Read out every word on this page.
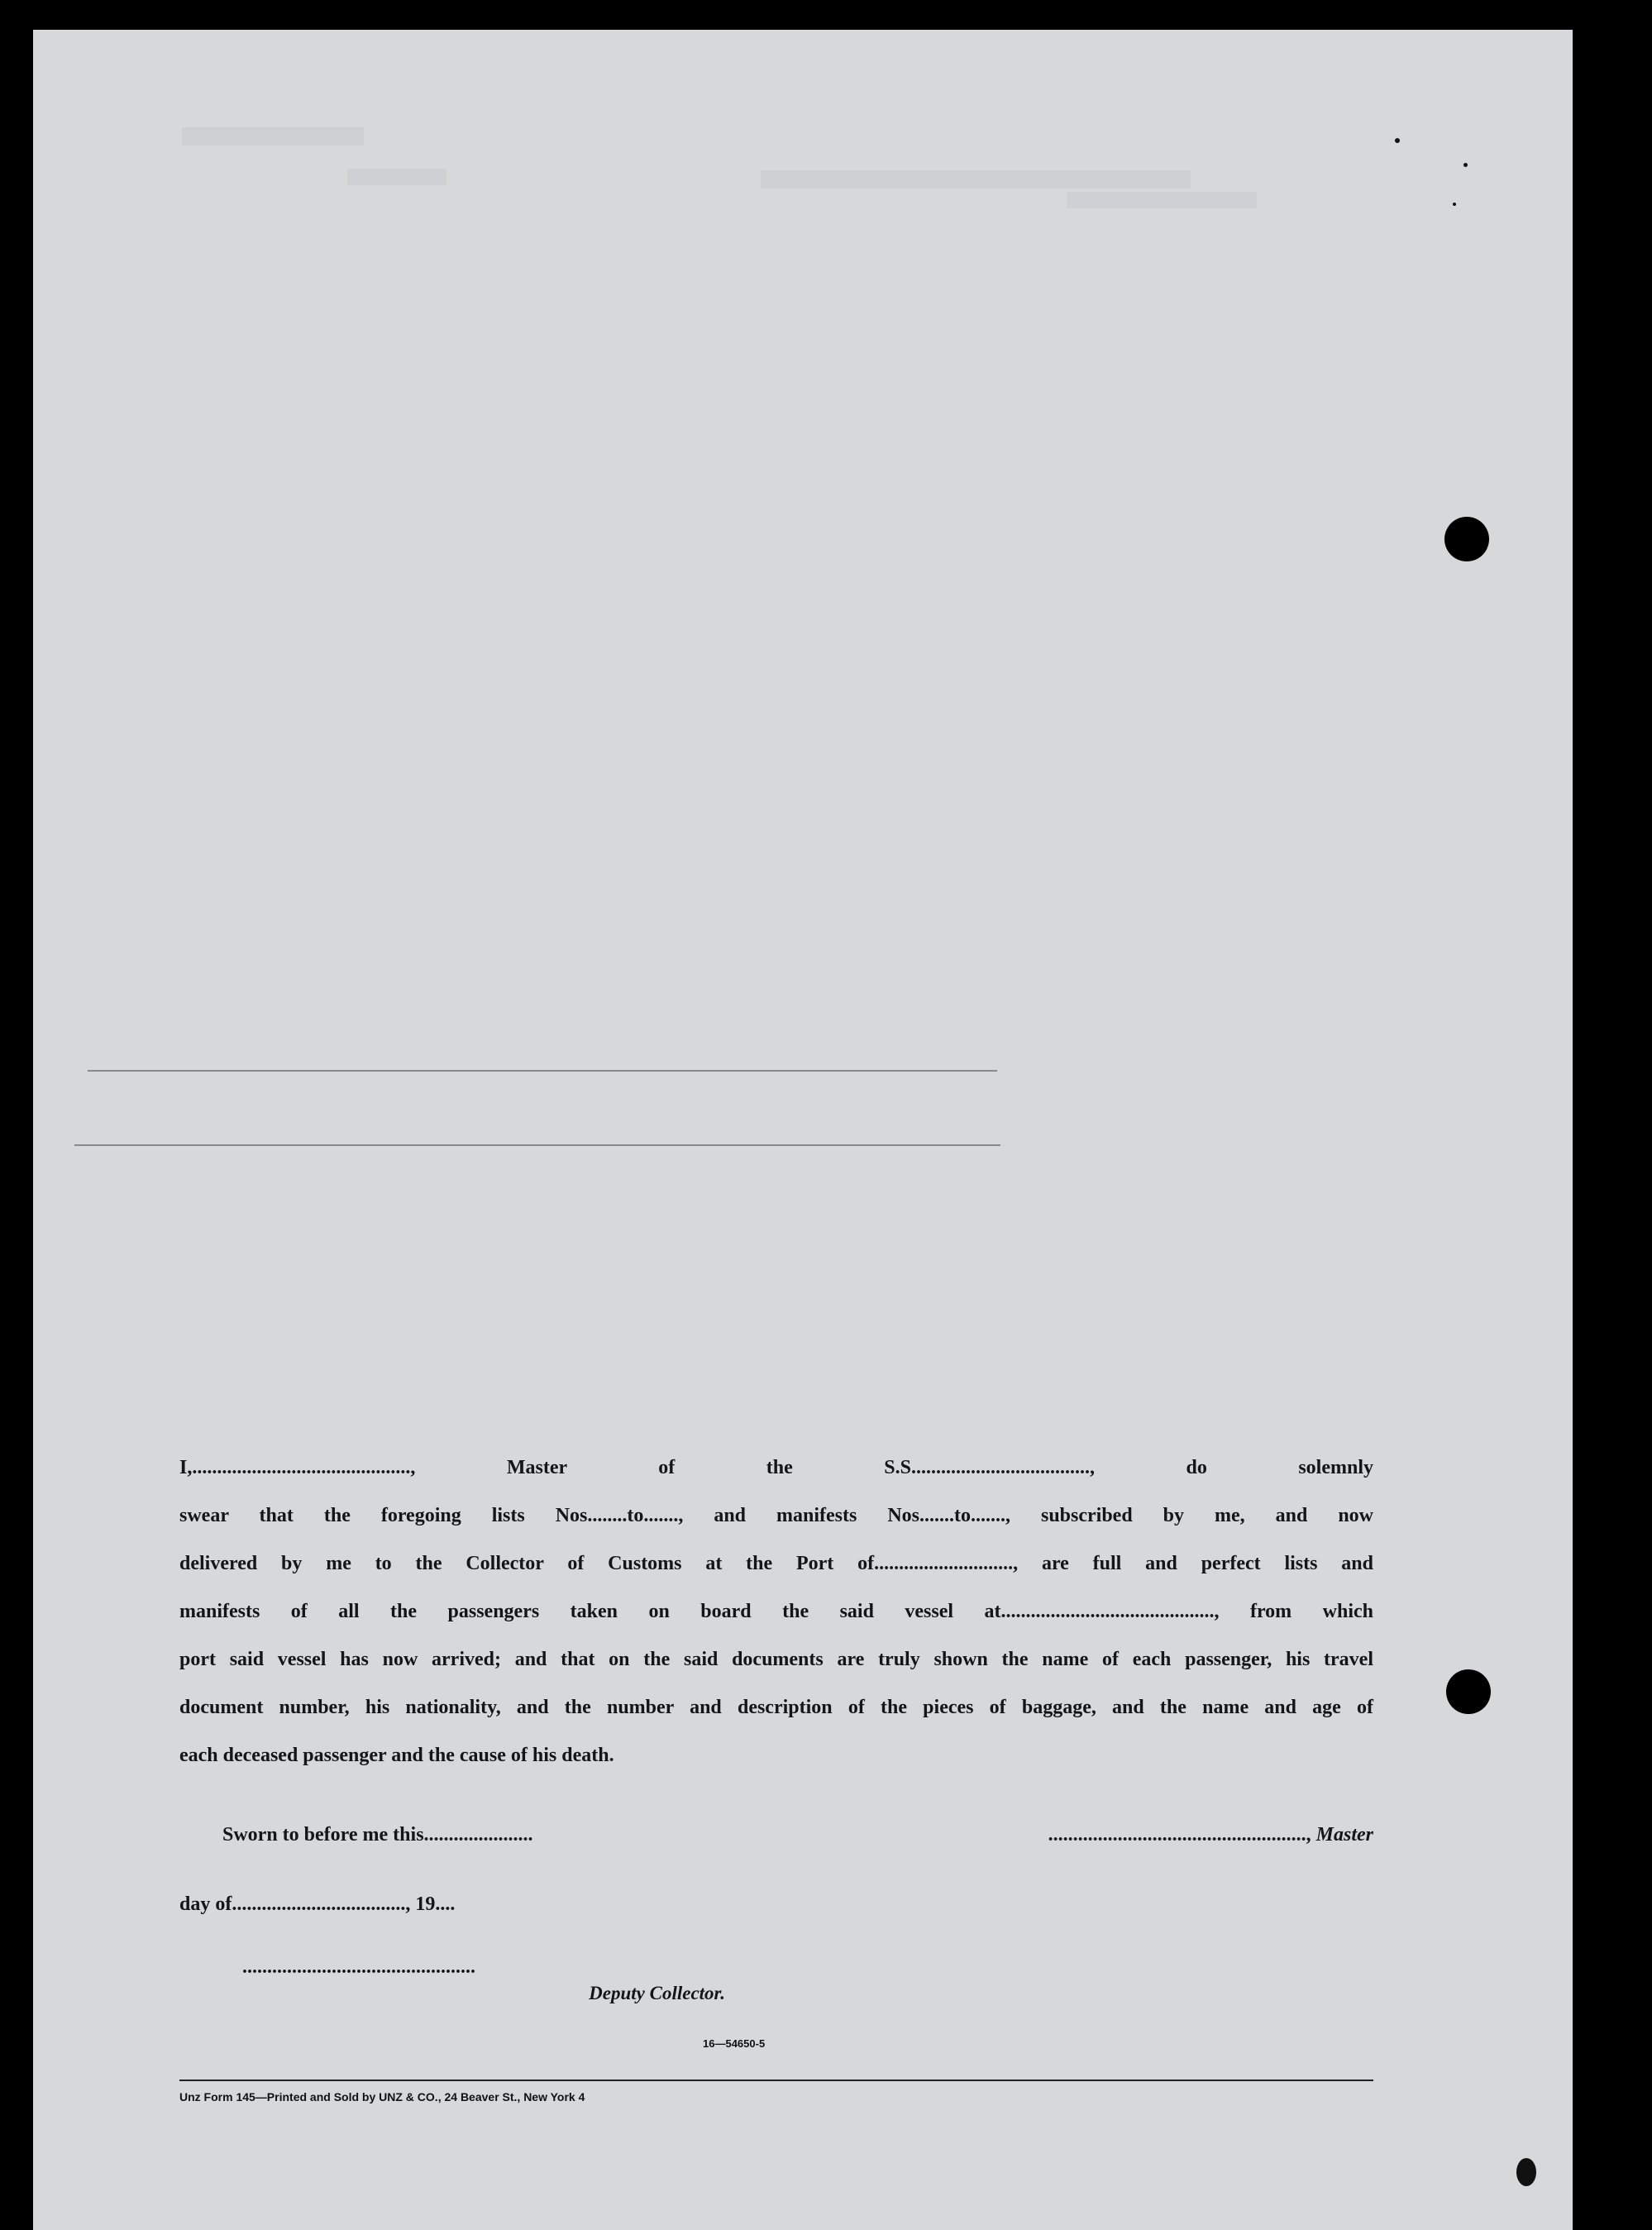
I,............................................, Master of the S.S...................................., do solemnly
swear that the foregoing lists Nos........to......., and manifests Nos.......to......., subscribed by me, and now
delivered by me to the Collector of Customs at the Port of............................, are full and perfect lists and
manifests of all the passengers taken on board the said vessel at..........................................., from which
port said vessel has now arrived; and that on the said documents are truly shown the name of each passenger, his travel
document number, his nationality, and the number and description of the pieces of baggage, and the name and age of
each deceased passenger and the cause of his death.
Sworn to before me this......................	...................................................., Master
day of..................................., 19....
...............................................
Deputy Collector.
16—54650-5
Unz Form 145—Printed and Sold by UNZ & CO., 24 Beaver St., New York 4
